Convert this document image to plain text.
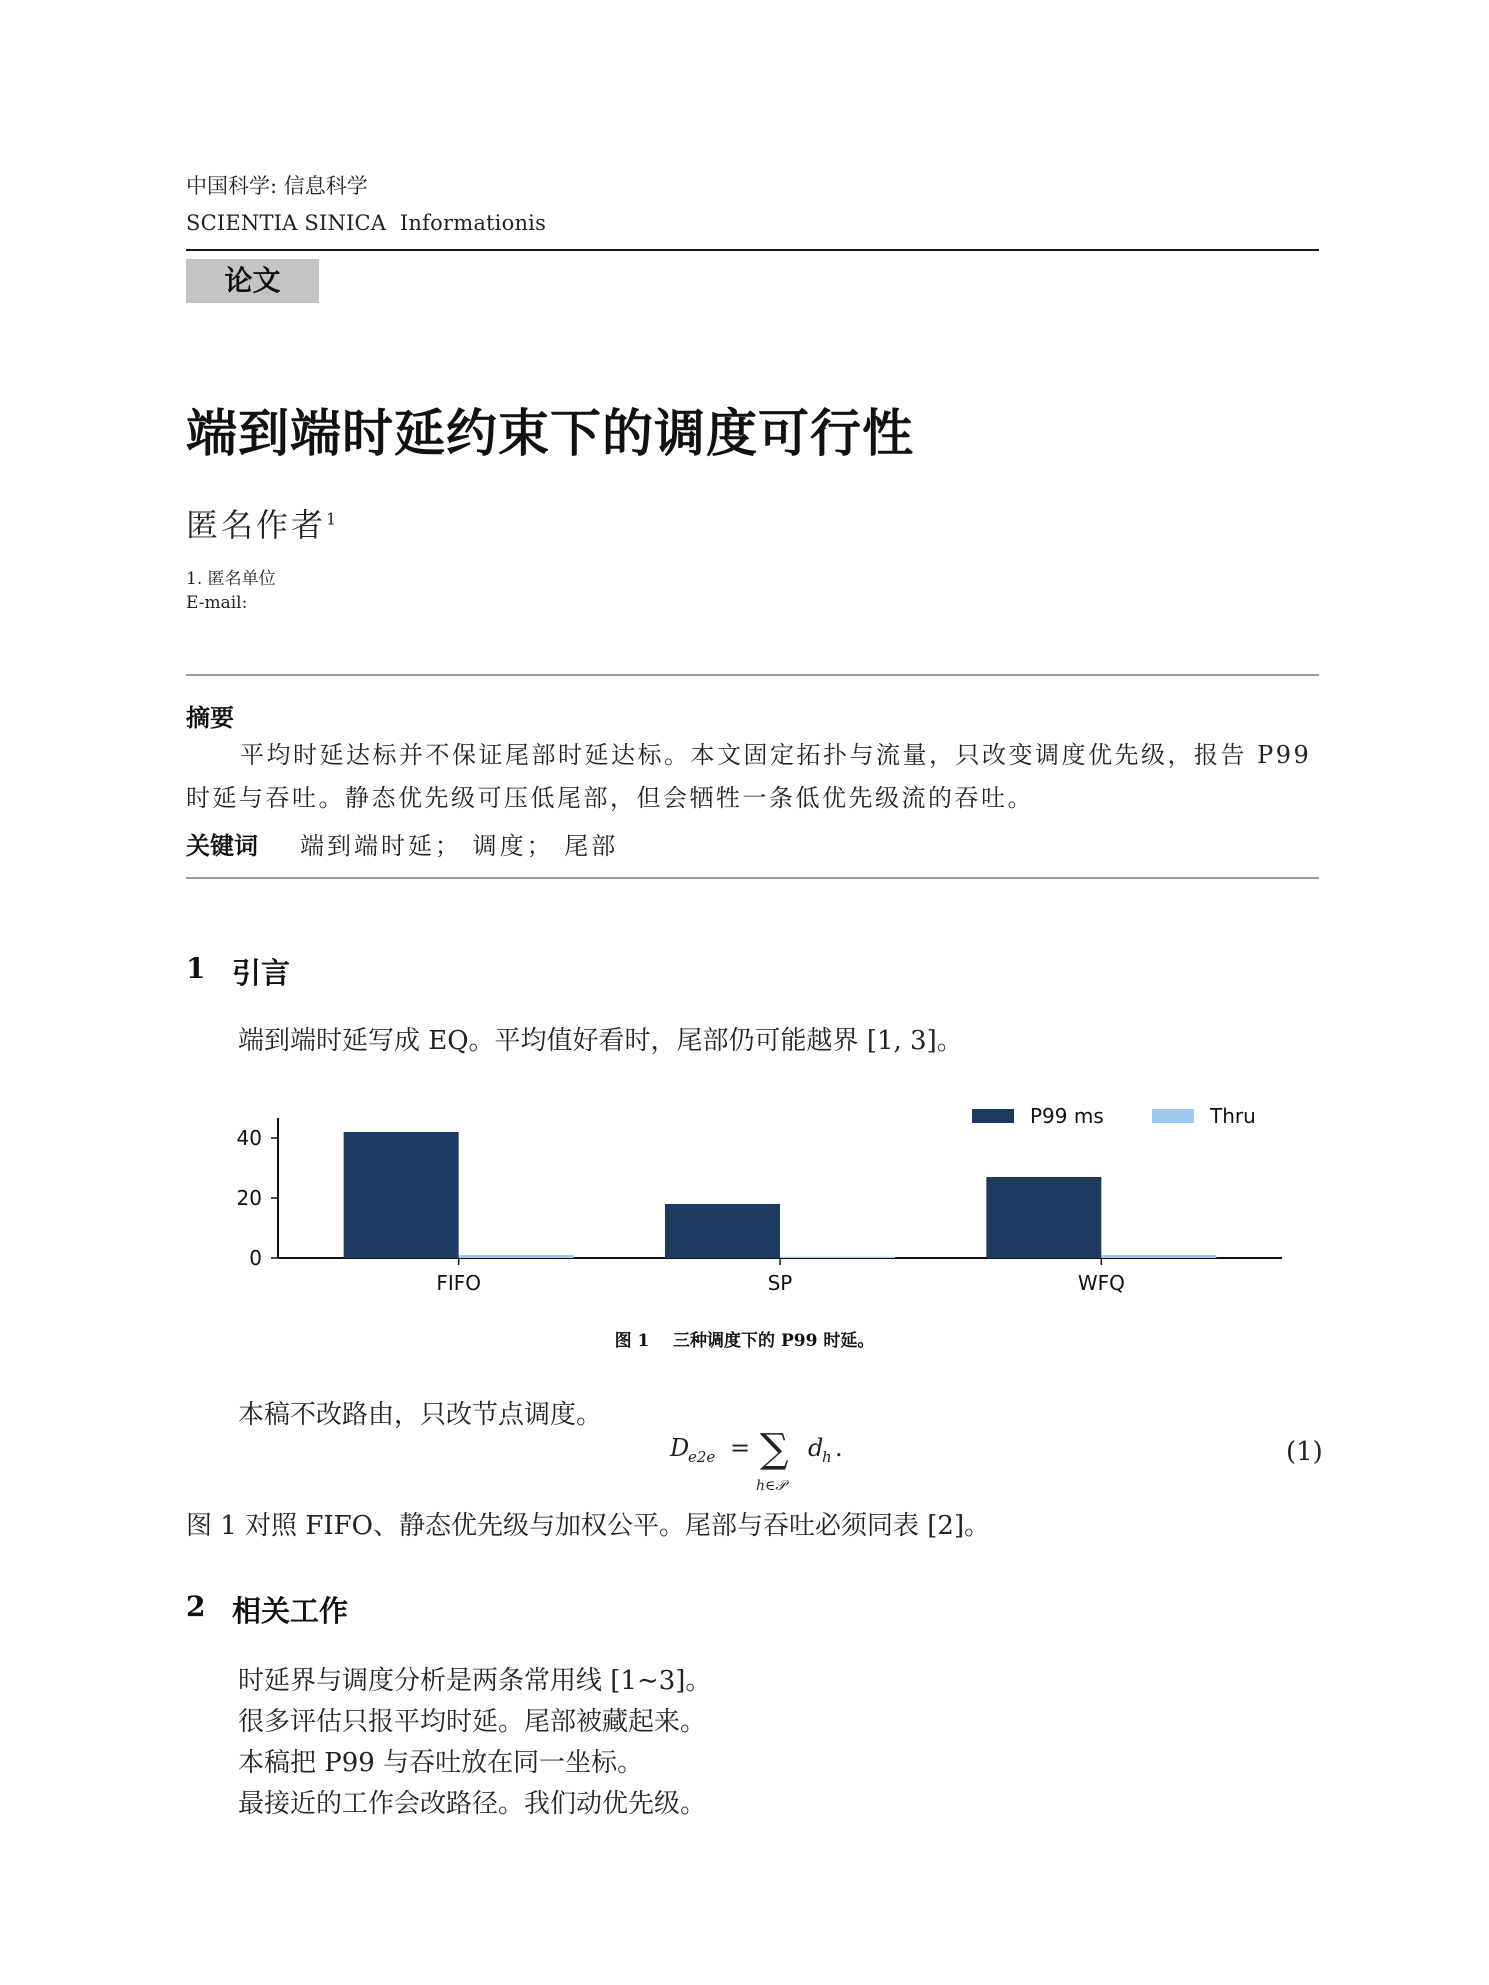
中国科学: 信息科学
SCIENTIA SINICA  Informationis
论文
端到端时延约束下的调度可行性
匿名作者$^1$
1. 匿名单位
E-mail:
摘要
平均时延达标并不保证尾部时延达标。本文固定拓扑与流量，只改变调度优先级，报告 P99 时延与吞吐。静态优先级可压低尾部，但会牺牲一条低优先级流的吞吐。
关键词 端到端时延； 调度； 尾部
1 引言
端到端时延写成 EQ。平均值好看时，尾部仍可能越界 [1, 3]。
0
20
40
FIFO	SP	WFQ
P99 ms	Thru
图 1    三种调度下的 P99 时延。
本稿不改路由，只改节点调度。
D
e2e = ∑
h∈𝒫
d
h .	(1)
图 1 对照 FIFO、静态优先级与加权公平。尾部与吞吐必须同表 [2]。
2 相关工作
时延界与调度分析是两条常用线 [1∼3]。
很多评估只报平均时延。尾部被藏起来。
本稿把 P99 与吞吐放在同一坐标。
最接近的工作会改路径。我们动优先级。
